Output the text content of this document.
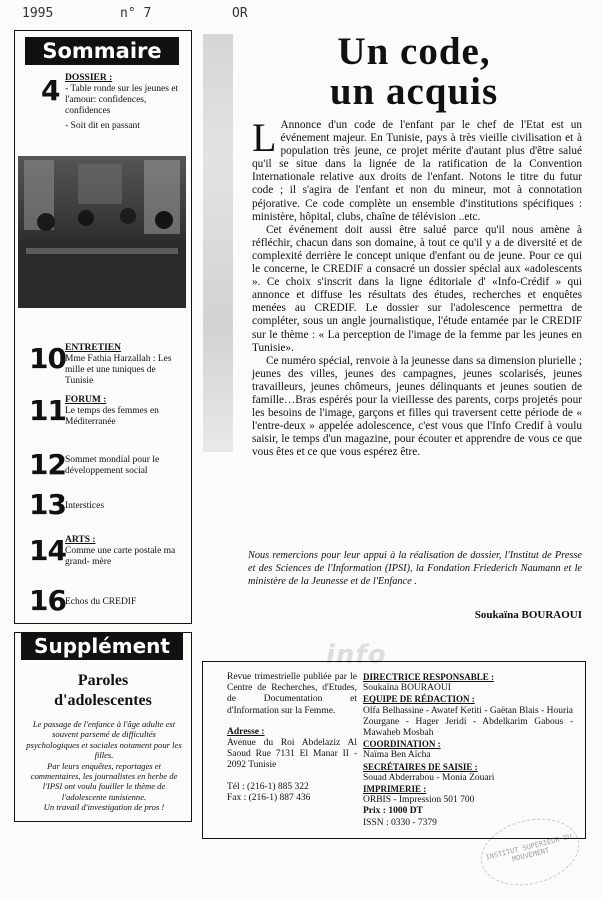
1995	n° 7	OR
Sommaire
4 DOSSIER :
- Table ronde sur les jeunes et l'amour: confidences, confidences
- Soit dit en passant
10 ENTRETIEN
Mme Fathia Harzallah : Les mille et une tuniques de Tunisie
11 FORUM :
Le temps des femmes en Méditerranée
12 Sommet mondial pour le développement social
13 Interstices
14 ARTS :
Comme une carte postale ma grand- mère
16 Echos du CREDIF
Un code,
un acquis

L Annonce d'un code de l'enfant par le chef de l'Etat est un événement majeur. En Tunisie, pays à très vieille civilisation et à population très jeune, ce projet mérite d'autant plus d'être salué qu'il se situe dans la lignée de la ratification de la Convention Internationale relative aux droits de l'enfant. Notons le titre du futur code ; il s'agira de l'enfant et non du mineur, mot à connotation péjorative. Ce code complète un ensemble d'institutions spécifiques : ministère, hôpital, clubs, chaîne de télévision ..etc.

Cet événement doit aussi être salué parce qu'il nous amène à réfléchir, chacun dans son domaine, à tout ce qu'il y a de diversité et de complexité derrière le concept unique d'enfant ou de jeune. Pour ce qui le concerne, le CREDIF a consacré un dossier spécial aux «adolescents ». Ce choix s'inscrit dans la ligne éditoriale d' «Info-Crédif » qui annonce et diffuse les résultats des études, recherches et enquêtes menées au CREDIF. Le dossier sur l'adolescence permettra de compléter, sous un angle journalistique, l'étude entamée par le CREDIF sur le thème : « La perception de l'image de la femme par les jeunes en Tunisie».

Ce numéro spécial, renvoie à la jeunesse dans sa dimension plurielle ; jeunes des villes, jeunes des campagnes, jeunes scolarisés, jeunes travailleurs, jeunes chômeurs, jeunes délinquants et jeunes soutien de famille…Bras espérés pour la vieillesse des parents, corps projetés pour les besoins de l'image, garçons et filles qui traversent cette période de « l'entre-deux » appelée adolescence, c'est vous que l'Info Credif à voulu saisir, le temps d'un magazine, pour écouter et apprendre de vous ce que vous êtes et ce que vous espérez être.

Nous remercions pour leur appui à la réalisation de dossier, l'Institut de Presse et des Sciences de l'Information (IPSI), la Fondation Friederich Naumann et le ministère de la Jeunesse et de l'Enfance .
Soukaïna BOURAOUI
info
Supplément
Paroles
d'adolescentes

Le passage de l'enfance à l'âge adulte est souvent parsemé de difficultés psychologiques et sociales notament pour les filles.

Par leurs enquêtes, reportages et commentaires, les journalistes en herbe de l'IPSI ont voulu fouiller le thème de l'adolescente tunisienne.

Un travail d'investigation de pros !

Revue trimestrielle publiée par le Centre de Recherches, d'Etudes, de Documentation et d'Information sur la Femme.
Adresse :
Avenue du Roi Abdelaziz Al Saoud Rue 7131 El Manar II - 2092 Tunisie
Tél : (216-1) 885 322
Fax : (216-1) 887 436
DIRECTRICE RESPONSABLE :
Soukaïna BOURAOUI
EQUIPE DE RÉDACTION :
Olfa Belhassine - Awatef Ketiti - Gaëtan Blais - Houria Zourgane - Hager Jeridi - Abdelkarim Gabous - Mawaheb Mosbah
COORDINATION :
Naïma Ben Aïcha
SECRÉTAIRES DE SAISIE :
Souad Abderrabou - Monia Zouari
IMPRIMERIE :
ORBIS - Impression 501 700
Prix : 1000 DT
ISSN : 0330 - 7379
INSTITUT SUPÉRIEUR DU MOUVEMENT
